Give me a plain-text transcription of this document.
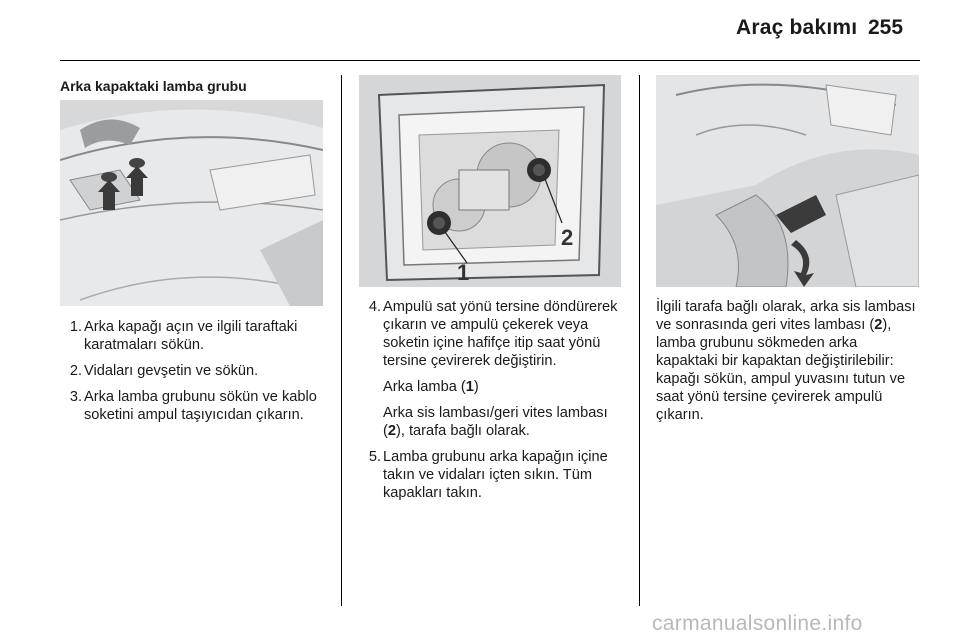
Araç bakımı 255
Arka kapaktaki lamba grubu
1. Arka kapağı açın ve ilgili taraftaki karatmaları sökün.
2. Vidaları gevşetin ve sökün.
3. Arka lamba grubunu sökün ve kablo soketini ampul taşıyıcıdan çıkarın.
1
2
4. Ampulü sat yönü tersine döndürerek çıkarın ve ampulü çekerek veya soketin içine hafifçe itip saat yönü tersine çevirerek değiştirin.
Arka lamba (1)
Arka sis lambası/geri vites lambası (2), tarafa bağlı olarak.
5. Lamba grubunu arka kapağın içine takın ve vidaları içten sıkın. Tüm kapakları takın.

İlgili tarafa bağlı olarak, arka sis lambası ve sonrasında geri vites lambası (2), lamba grubunu sökmeden arka kapaktaki bir kapaktan değiştirilebilir: kapağı sökün, ampul yuvasını tutun ve saat yönü tersine çevirerek ampulü çıkarın.

carmanualsonline.info
